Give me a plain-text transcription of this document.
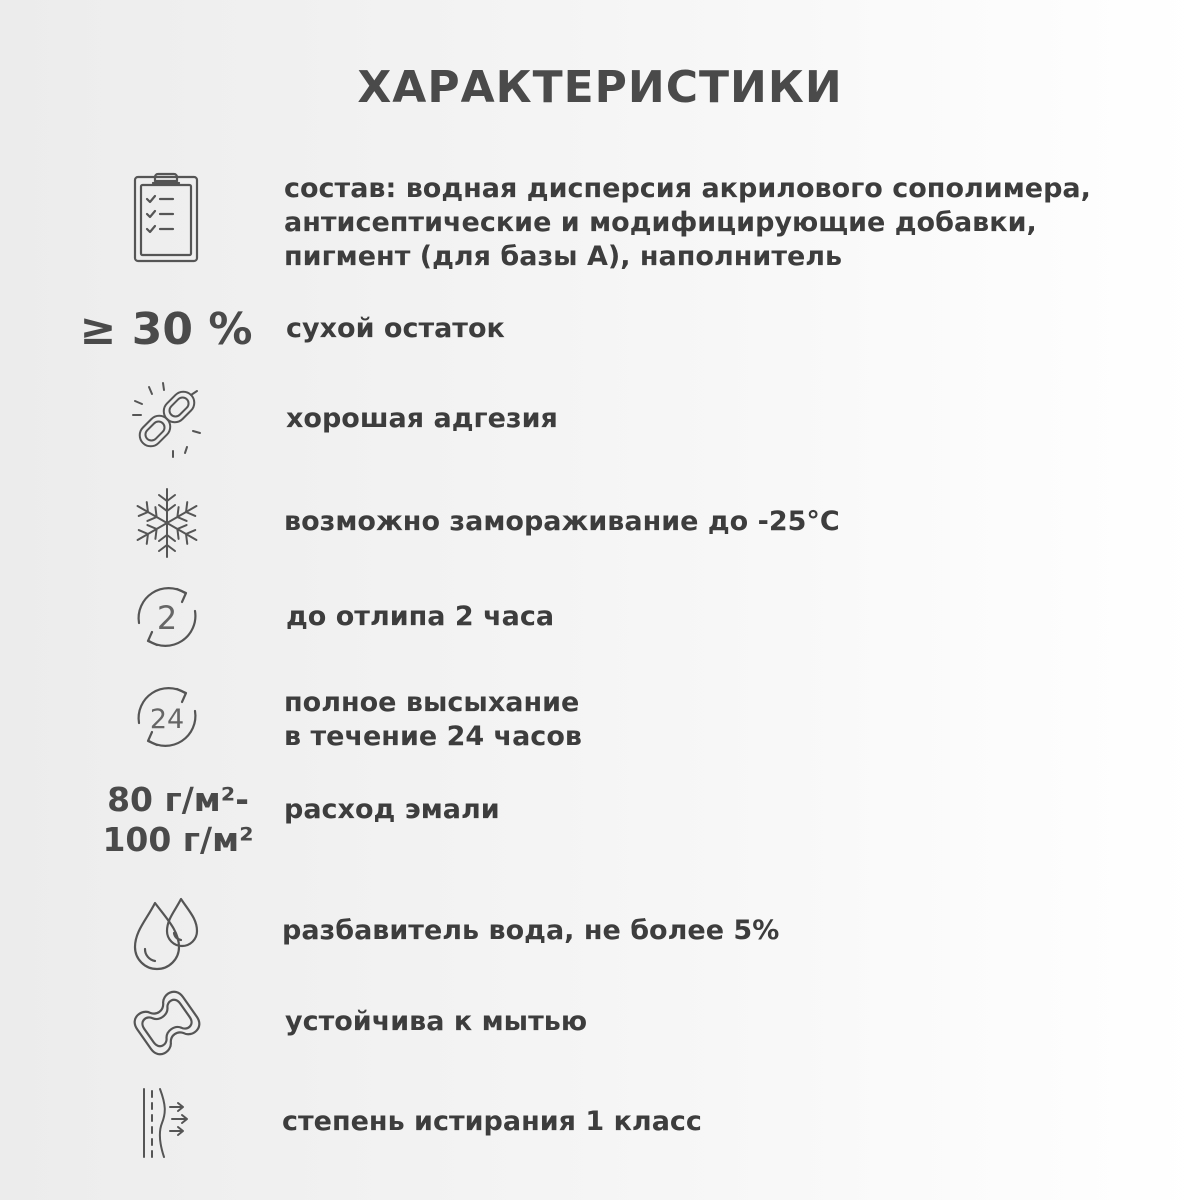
ХАРАКТЕРИСТИКИ
состав: водная дисперсия акрилового сополимера,
антисептические и модифицирующие добавки,
пигмент (для базы А), наполнитель
≥ 30 %	сухой остаток
хорошая адгезия
возможно замораживание до -25°С
2	до отлипа 2 часа
24
полное высыхание
в течение 24 часов
80 г/м²-
100 г/м²
расход эмали
разбавитель вода, не более 5%
устойчива к мытью
степень истирания 1 класс
